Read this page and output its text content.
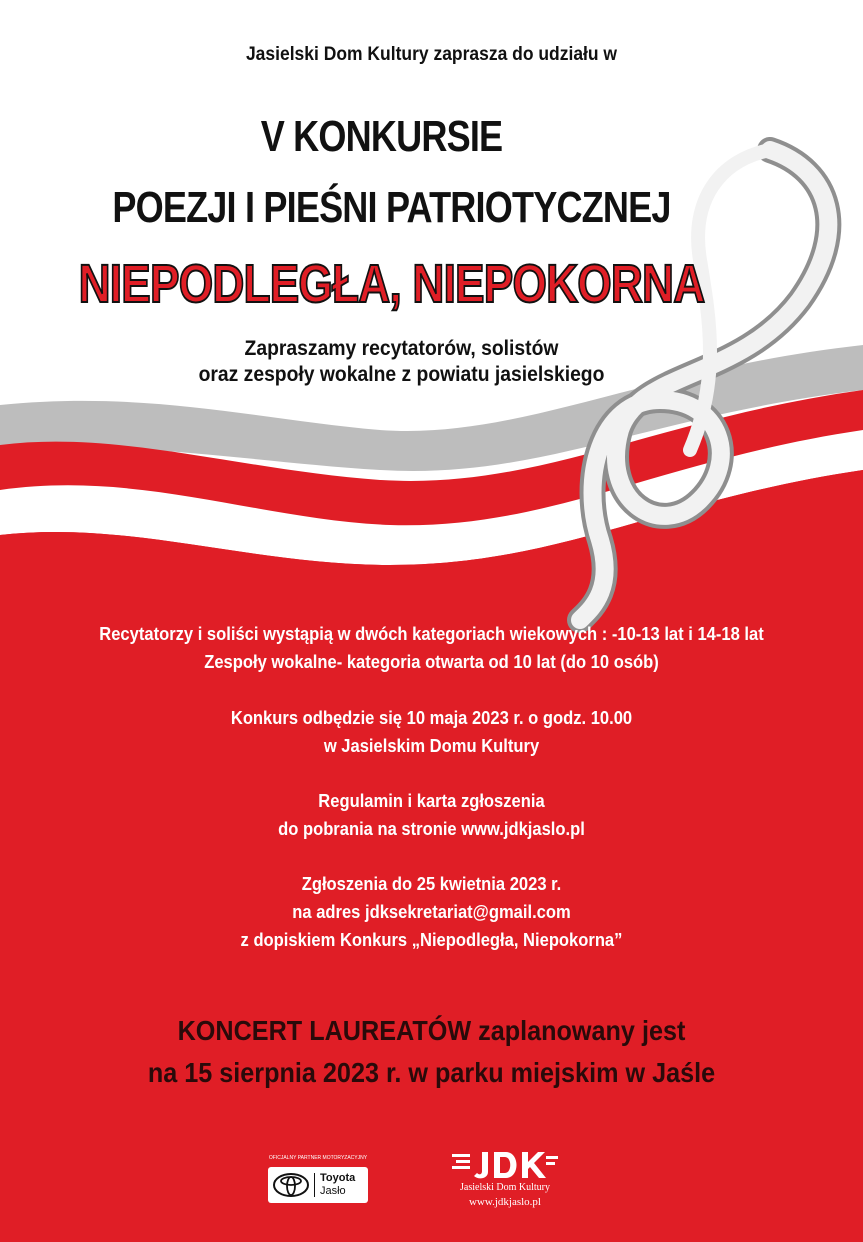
Jasielski Dom Kultury zaprasza do udziału w

V KONKURSIE

POEZJI I PIEŚNI PATRIOTYCZNEJ

NIEPODLEGŁA, NIEPOKORNA

Zapraszamy recytatorów, solistów
oraz zespoły wokalne z powiatu jasielskiego
Recytatorzy i soliści wystąpią w dwóch kategoriach wiekowych : -10-13 lat i 14-18 lat
Zespoły wokalne- kategoria otwarta od 10 lat (do 10 osób)
Konkurs odbędzie się 10 maja 2023 r. o godz. 10.00
w Jasielskim Domu Kultury
Regulamin i karta zgłoszenia
do pobrania na stronie www.jdkjaslo.pl
Zgłoszenia do 25 kwietnia 2023 r.
na adres jdksekretariat@gmail.com
z dopiskiem Konkurs „Niepodległa, Niepokorna”
KONCERT LAUREATÓW zaplanowany jest
na 15 sierpnia 2023 r. w parku miejskim w Jaśle
OFICJALNY PARTNER MOTORYZACYJNY
Toyota
Jasło	Jasielski Dom Kultury
www.jdkjaslo.pl
